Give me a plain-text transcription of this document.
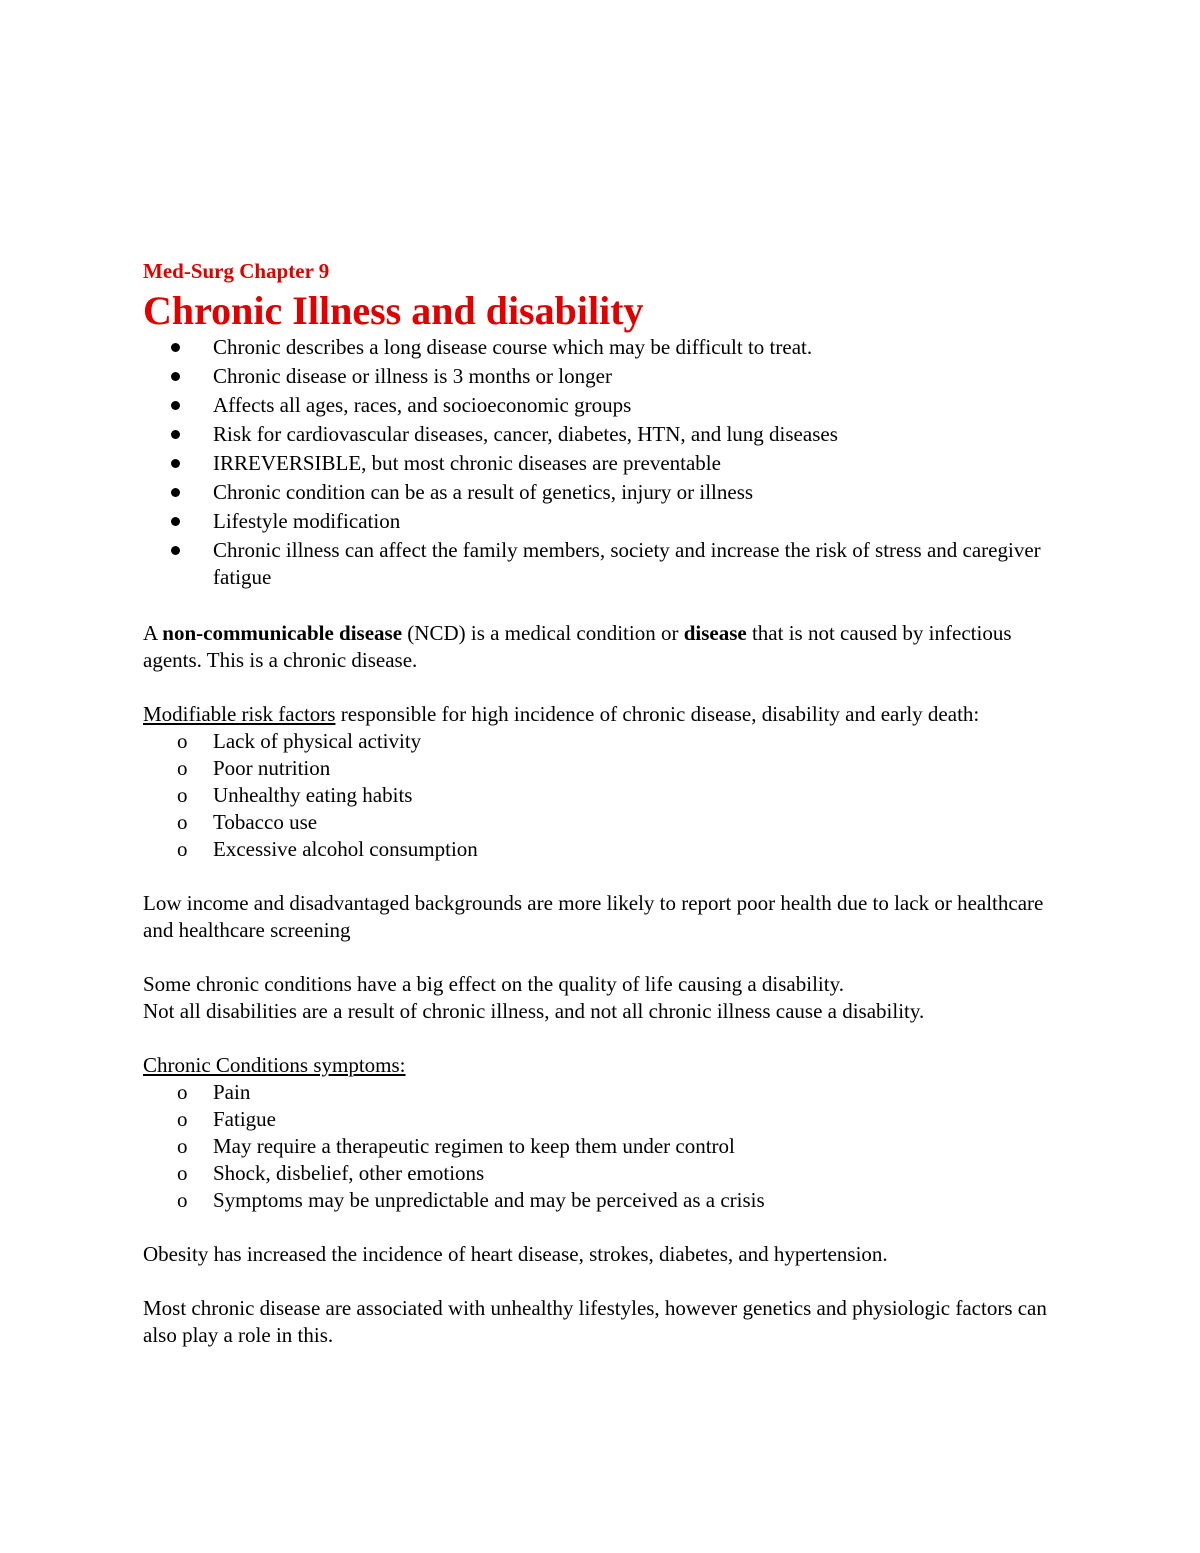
Med-Surg Chapter 9
Chronic Illness and disability
Chronic describes a long disease course which may be difficult to treat.
Chronic disease or illness is 3 months or longer
Affects all ages, races, and socioeconomic groups
Risk for cardiovascular diseases, cancer, diabetes, HTN, and lung diseases
IRREVERSIBLE, but most chronic diseases are preventable
Chronic condition can be as a result of genetics, injury or illness
Lifestyle modification
Chronic illness can affect the family members, society and increase the risk of stress and caregiver fatigue

A non-communicable disease (NCD) is a medical condition or disease that is not caused by infectious agents. This is a chronic disease.

Modifiable risk factors responsible for high incidence of chronic disease, disability and early death:

o Lack of physical activity
o Poor nutrition
o Unhealthy eating habits
o Tobacco use
o Excessive alcohol consumption

Low income and disadvantaged backgrounds are more likely to report poor health due to lack or healthcare and healthcare screening

Some chronic conditions have a big effect on the quality of life causing a disability.

Not all disabilities are a result of chronic illness, and not all chronic illness cause a disability.

Chronic Conditions symptoms:

o Pain
o Fatigue
o May require a therapeutic regimen to keep them under control
o Shock, disbelief, other emotions
o Symptoms may be unpredictable and may be perceived as a crisis

Obesity has increased the incidence of heart disease, strokes, diabetes, and hypertension.

Most chronic disease are associated with unhealthy lifestyles, however genetics and physiologic factors can also play a role in this.
